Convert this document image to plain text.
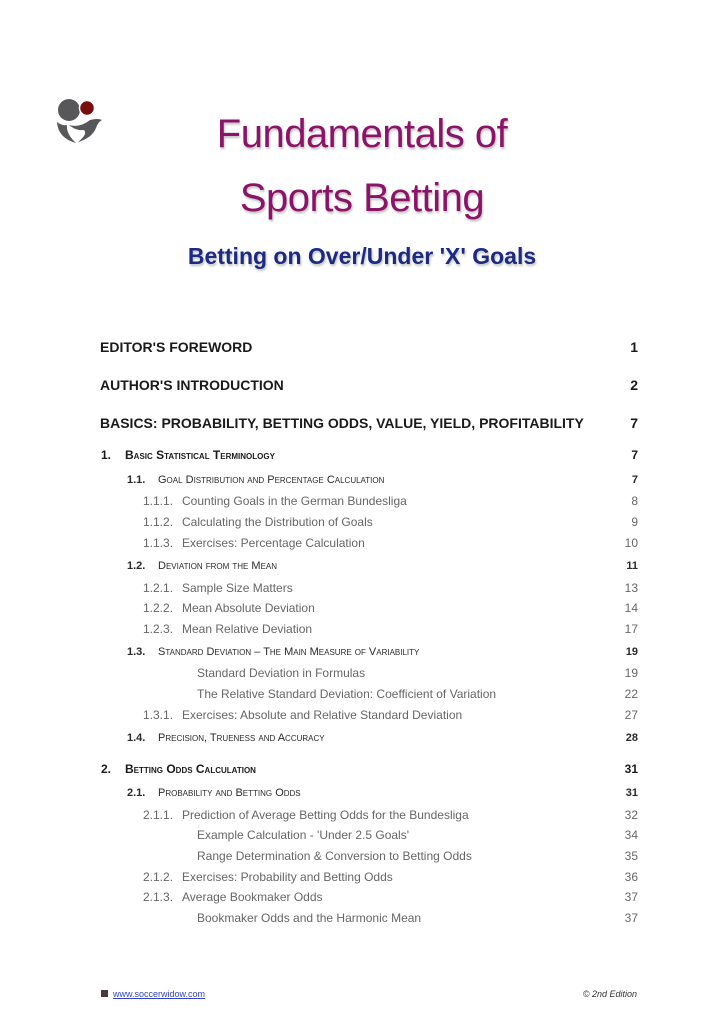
Fundamentals of
Sports Betting
Betting on Over/Under 'X' Goals
EDITOR'S FOREWORD	1
AUTHOR'S INTRODUCTION	2
BASICS: PROBABILITY, BETTING ODDS, VALUE, YIELD, PROFITABILITY	7
1. Basic Statistical Terminology	7
1.1. Goal Distribution and Percentage Calculation	7
1.1.1. Counting Goals in the German Bundesliga	8
1.1.2. Calculating the Distribution of Goals	9
1.1.3. Exercises: Percentage Calculation	10
1.2. Deviation from the Mean	11
1.2.1. Sample Size Matters	13
1.2.2. Mean Absolute Deviation	14
1.2.3. Mean Relative Deviation	17
1.3. Standard Deviation – The Main Measure of Variability	19
Standard Deviation in Formulas	19
The Relative Standard Deviation: Coefficient of Variation	22
1.3.1. Exercises: Absolute and Relative Standard Deviation	27
1.4. Precision, Trueness and Accuracy	28
2. Betting Odds Calculation	31
2.1. Probability and Betting Odds	31
2.1.1. Prediction of Average Betting Odds for the Bundesliga	32
Example Calculation - 'Under 2.5 Goals'	34
Range Determination & Conversion to Betting Odds	35
2.1.2. Exercises: Probability and Betting Odds	36
2.1.3. Average Bookmaker Odds	37
Bookmaker Odds and the Harmonic Mean	37
www.soccerwidow.com	© 2nd Edition
